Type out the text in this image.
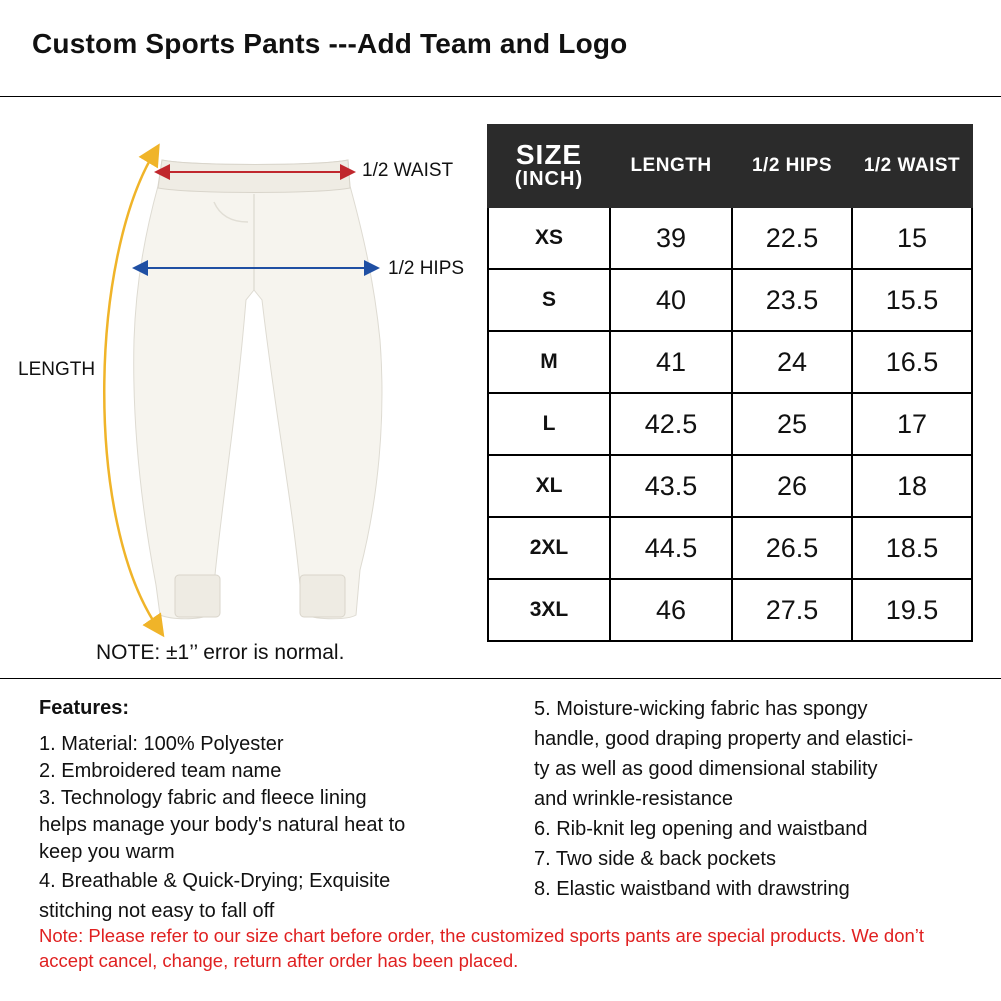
Custom Sports Pants ---Add Team and Logo
1/2 WAIST
1/2 HIPS
LENGTH
NOTE: ±1’’ error is normal.
SIZE
(INCH)	LENGTH	1/2 HIPS	1/2 WAIST
XS	39	22.5	15
S	40	23.5	15.5
M	41	24	16.5
L	42.5	25	17
XL	43.5	26	18
2XL	44.5	26.5	18.5
3XL	46	27.5	19.5
Features:
1. Material: 100% Polyester
2. Embroidered team name
3. Technology fabric and fleece lining
helps manage your body's natural heat to
keep you warm
4. Breathable & Quick-Drying; Exquisite
stitching not easy to fall off
5. Moisture-wicking fabric has spongy
handle, good draping property and elastici-
ty as well as good dimensional stability
and wrinkle-resistance
6. Rib-knit leg opening and waistband
7. Two side & back pockets
8. Elastic waistband with drawstring
Note: Please refer to our size chart before order, the customized sports pants are special products. We don’t accept cancel, change, return after order has been placed.
